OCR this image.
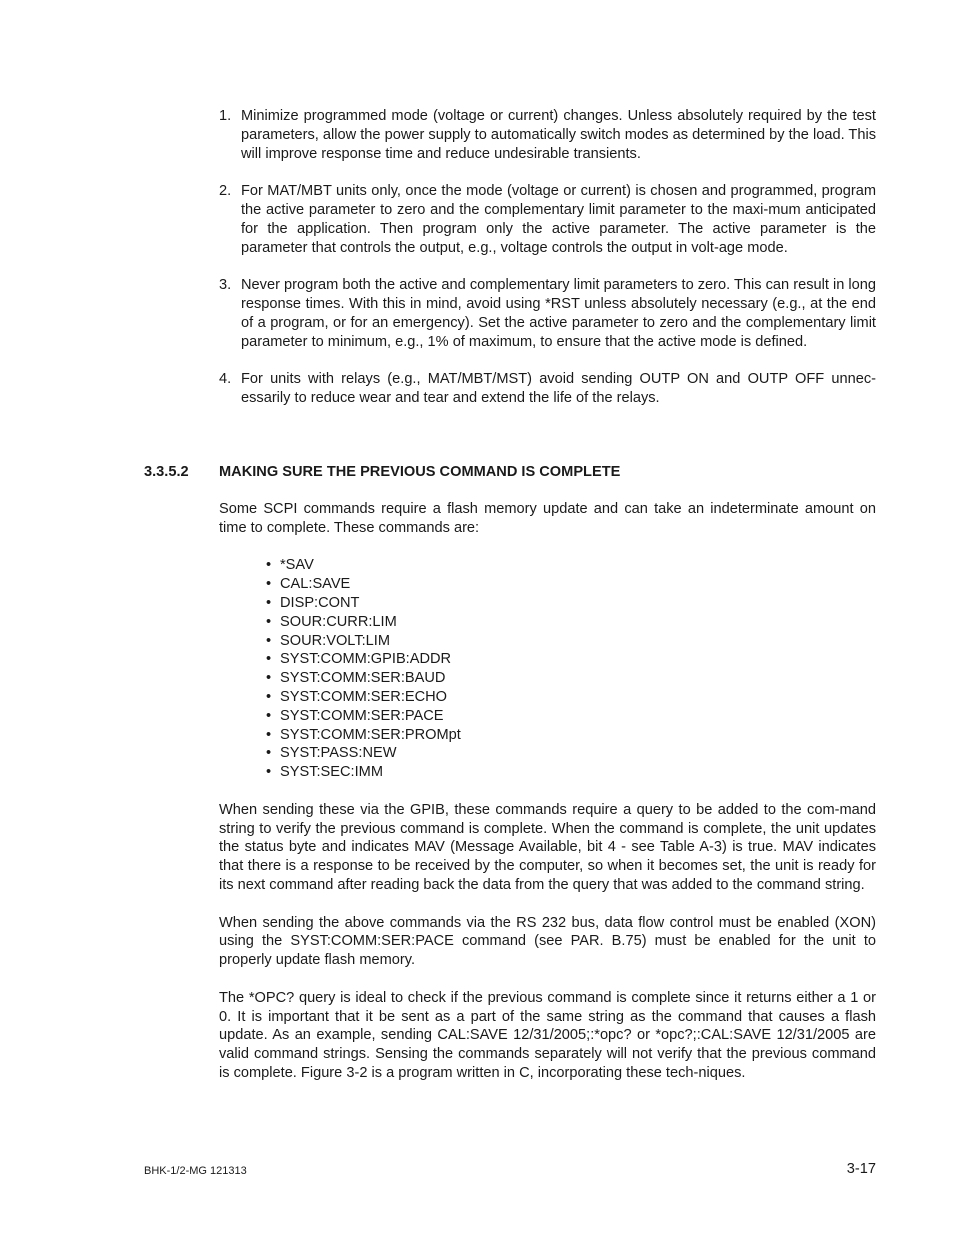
1. Minimize programmed mode (voltage or current) changes. Unless absolutely required by the test parameters, allow the power supply to automatically switch modes as determined by the load. This will improve response time and reduce undesirable transients.
2. For MAT/MBT units only, once the mode (voltage or current) is chosen and programmed, program the active parameter to zero and the complementary limit parameter to the maxi-mum anticipated for the application. Then program only the active parameter. The active parameter is the parameter that controls the output, e.g., voltage controls the output in volt-age mode.
3. Never program both the active and complementary limit parameters to zero. This can result in long response times. With this in mind, avoid using *RST unless absolutely necessary (e.g., at the end of a program, or for an emergency). Set the active parameter to zero and the complementary limit parameter to minimum, e.g., 1% of maximum, to ensure that the active mode is defined.
4. For units with relays (e.g., MAT/MBT/MST) avoid sending OUTP ON and OUTP OFF unnec-essarily to reduce wear and tear and extend the life of the relays.
3.3.5.2 MAKING SURE THE PREVIOUS COMMAND IS COMPLETE

Some SCPI commands require a flash memory update and can take an indeterminate amount on time to complete. These commands are:

• *SAV
• CAL:SAVE
• DISP:CONT
• SOUR:CURR:LIM
• SOUR:VOLT:LIM
• SYST:COMM:GPIB:ADDR
• SYST:COMM:SER:BAUD
• SYST:COMM:SER:ECHO
• SYST:COMM:SER:PACE
• SYST:COMM:SER:PROMpt
• SYST:PASS:NEW
• SYST:SEC:IMM

When sending these via the GPIB, these commands require a query to be added to the com-mand string to verify the previous command is complete. When the command is complete, the unit updates the status byte and indicates MAV (Message Available, bit 4 - see Table A-3) is true. MAV indicates that there is a response to be received by the computer, so when it becomes set, the unit is ready for its next command after reading back the data from the query that was added to the command string.

When sending the above commands via the RS 232 bus, data flow control must be enabled (XON) using the SYST:COMM:SER:PACE command (see PAR. B.75) must be enabled for the unit to properly update flash memory.

The *OPC? query is ideal to check if the previous command is complete since it returns either a 1 or 0. It is important that it be sent as a part of the same string as the command that causes a flash update. As an example, sending CAL:SAVE 12/31/2005;:*opc? or *opc?;:CAL:SAVE 12/31/2005 are valid command strings. Sensing the commands separately will not verify that the previous command is complete. Figure 3-2 is a program written in C, incorporating these tech-niques.

BHK-1/2-MG 121313	3-17
